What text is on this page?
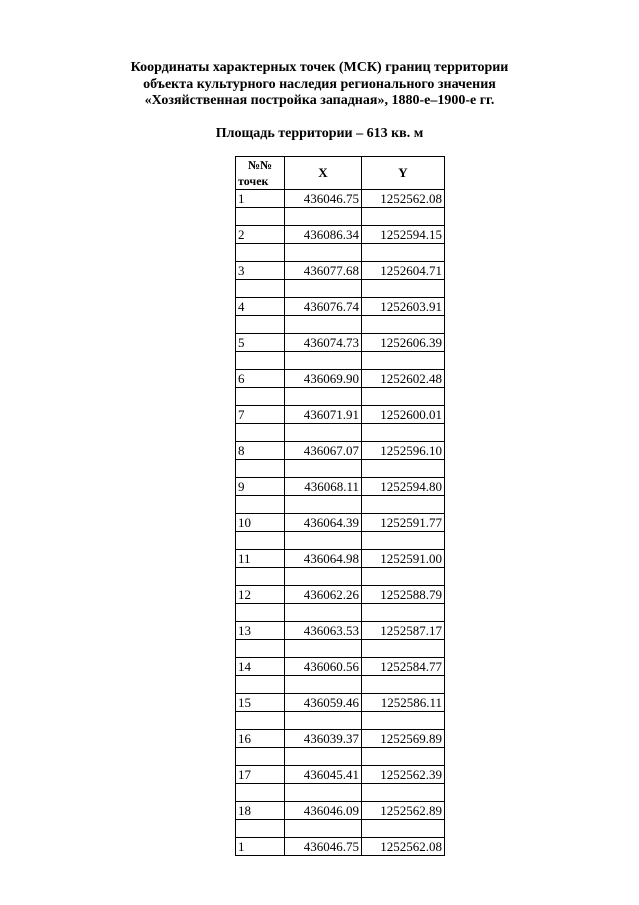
Координаты характерных точек (МСК) границ территории
объекта культурного наследия регионального значения
«Хозяйственная постройка западная», 1880-е–1900-е гг.
Площадь территории – 613 кв. м
№№
точек	X	Y
1	436046.75	1252562.08

2	436086.34	1252594.15

3	436077.68	1252604.71

4	436076.74	1252603.91

5	436074.73	1252606.39

6	436069.90	1252602.48

7	436071.91	1252600.01

8	436067.07	1252596.10

9	436068.11	1252594.80

10	436064.39	1252591.77

11	436064.98	1252591.00

12	436062.26	1252588.79

13	436063.53	1252587.17

14	436060.56	1252584.77

15	436059.46	1252586.11

16	436039.37	1252569.89

17	436045.41	1252562.39

18	436046.09	1252562.89

1	436046.75	1252562.08
